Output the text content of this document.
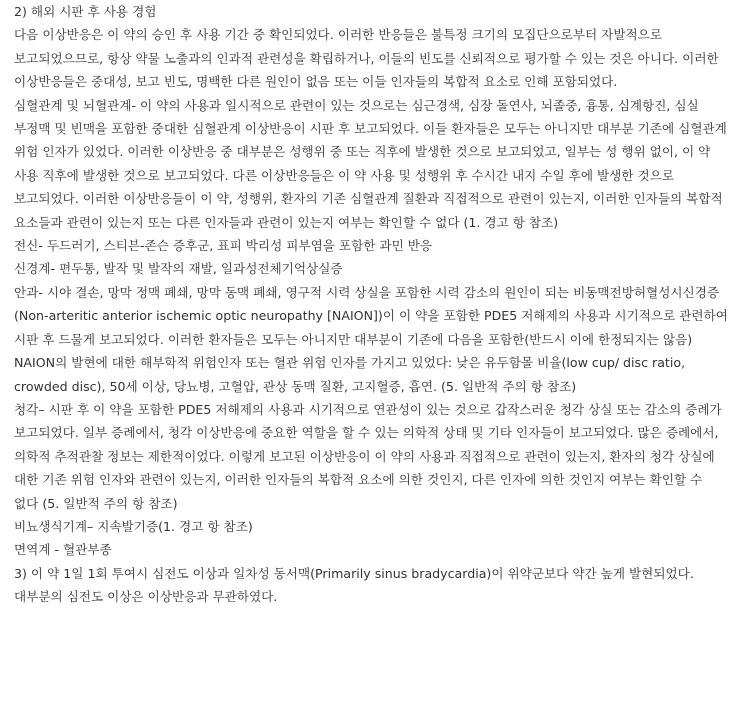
2) 해외 시판 후 사용 경험

다음 이상반응은 이 약의 승인 후 사용 기간 중 확인되었다. 이러한 반응들은 불특정 크기의 모집단으로부터 자발적으로 보고되었으므로, 항상 약물 노출과의 인과적 관련성을 확립하거나, 이들의 빈도를 신뢰적으로 평가할 수 있는 것은 아니다. 이러한 이상반응들은 중대성, 보고 빈도, 명백한 다른 원인이 없음 또는 이들 인자들의 복합적 요소로 인해 포함되었다.

심혈관계 및 뇌혈관계- 이 약의 사용과 일시적으로 관련이 있는 것으로는 심근경색, 심장 돌연사, 뇌졸중, 흉통, 심계항진, 심실 부정맥 및 빈맥을 포함한 중대한 심혈관계 이상반응이 시판 후 보고되었다. 이들 환자들은 모두는 아니지만 대부분 기존에 심혈관계 위험 인자가 있었다. 이러한 이상반응 중 대부분은 성행위 중 또는 직후에 발생한 것으로 보고되었고, 일부는 성 행위 없이, 이 약 사용 직후에 발생한 것으로 보고되었다. 다른 이상반응들은 이 약 사용 및 성행위 후 수시간 내지 수일 후에 발생한 것으로 보고되었다. 이러한 이상반응들이 이 약, 성행위, 환자의 기존 심혈관계 질환과 직접적으로 관련이 있는지, 이러한 인자들의 복합적 요소들과 관련이 있는지 또는 다른 인자들과 관련이 있는지 여부는 확인할 수 없다 (1. 경고 항 참조)

전신- 두드러기, 스티븐-존슨 증후군, 표피 박리성 피부염을 포함한 과민 반응

신경계- 편두통, 발작 및 발작의 재발, 일과성전체기억상실증

안과- 시야 결손, 망막 정맥 폐쇄, 망막 동맥 폐쇄, 영구적 시력 상실을 포함한 시력 감소의 원인이 되는 비동맥전방허혈성시신경증 (Non-arteritic anterior ischemic optic neuropathy [NAION])이 이 약을 포함한 PDE5 저해제의 사용과 시기적으로 관련하여 시판 후 드물게 보고되었다. 이러한 환자들은 모두는 아니지만 대부분이 기존에 다음을 포함한(반드시 이에 한정되지는 않음) NAION의 발현에 대한 해부학적 위험인자 또는 혈관 위험 인자를 가지고 있었다: 낮은 유두함몰 비율(low cup/ disc ratio, crowded disc), 50세 이상, 당뇨병, 고혈압, 관상 동맥 질환, 고지혈증, 흡연. (5. 일반적 주의 항 참조)

청각– 시판 후 이 약을 포함한 PDE5 저해제의 사용과 시기적으로 연관성이 있는 것으로 갑작스러운 청각 상실 또는 감소의 증례가 보고되었다. 일부 증례에서, 청각 이상반응에 중요한 역할을 할 수 있는 의학적 상태 및 기타 인자들이 보고되었다. 많은 증례에서, 의학적 추적관찰 정보는 제한적이었다. 이렇게 보고된 이상반응이 이 약의 사용과 직접적으로 관련이 있는지, 환자의 청각 상실에 대한 기존 위험 인자와 관련이 있는지, 이러한 인자들의 복합적 요소에 의한 것인지, 다른 인자에 의한 것인지 여부는 확인할 수 없다 (5. 일반적 주의 항 참조)

비뇨생식기계– 지속발기증(1. 경고 항 참조)

면역계 - 혈관부종

3) 이 약 1일 1회 투여시 심전도 이상과 일차성 동서맥(Primarily sinus bradycardia)이 위약군보다 약간 높게 발현되었다. 대부분의 심전도 이상은 이상반응과 무관하였다.
